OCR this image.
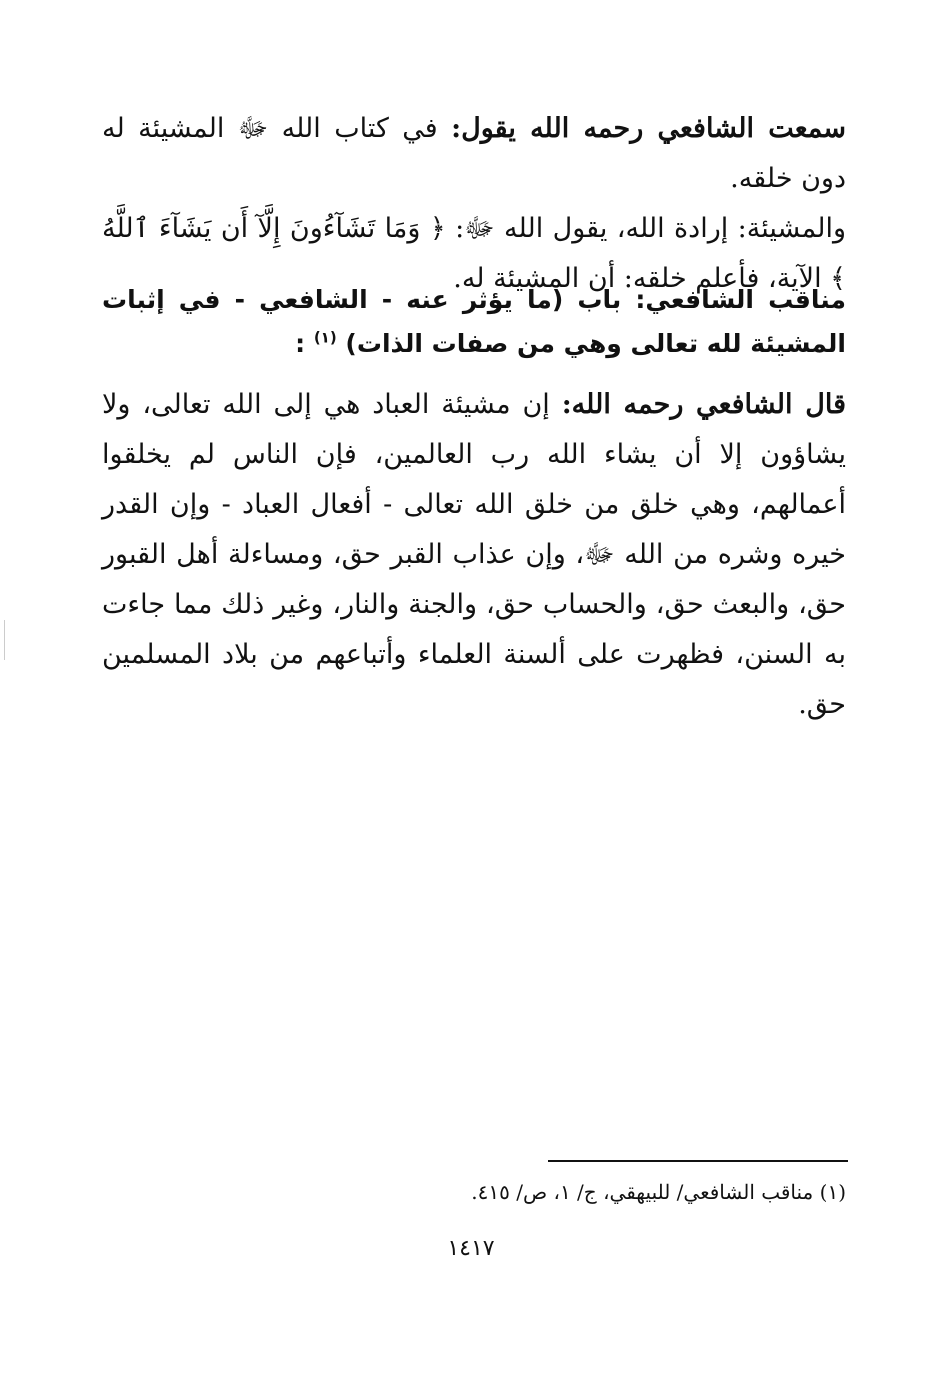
سمعت الشافعي رحمه الله يقول: في كتاب الله ﷻ المشيئة له دون خلقه.
والمشيئة: إرادة الله، يقول الله ﷻ: ﴿ وَمَا تَشَآءُونَ إِلَّآ أَن يَشَآءَ ٱللَّهُ ﴾ الآية، فأعلم خلقه: أن المشيئة له.
مناقب الشافعي: باب (ما يؤثر عنه - الشافعي - في إثبات المشيئة لله تعالى وهي من صفات الذات) $^{(١)}$ :
قال الشافعي رحمه الله: إن مشيئة العباد هي إلى الله تعالى، ولا يشاؤون إلا أن يشاء الله رب العالمين، فإن الناس لم يخلقوا أعمالهم، وهي خلق من خلق الله تعالى - أفعال العباد - وإن القدر خيره وشره من الله ﷻ، وإن عذاب القبر حق، ومساءلة أهل القبور حق، والبعث حق، والحساب حق، والجنة والنار، وغير ذلك مما جاءت به السنن، فظهرت على ألسنة العلماء وأتباعهم من بلاد المسلمين حق.
(١) مناقب الشافعي/ للبيهقي، ج/ ١، ص/ ٤١٥.
١٤١٧
